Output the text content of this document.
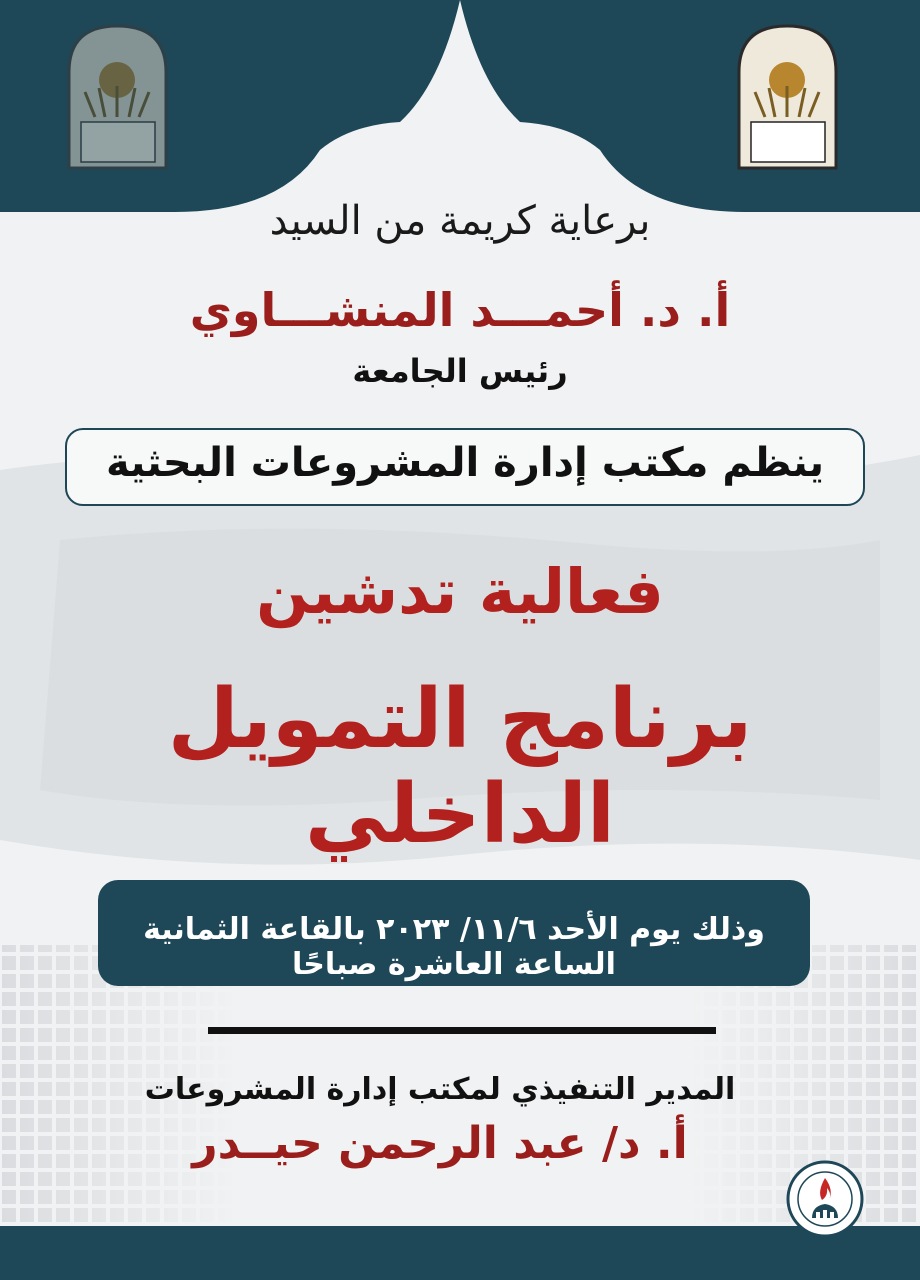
برعاية كريمة من السيد
أ. د. أحمـــد المنشـــاوي
رئيس الجامعة
ينظم مكتب إدارة المشروعات البحثية
فعالية تدشين
برنامج التمويل الداخلي
وذلك يوم الأحد ١١/٦/ ٢٠٢٣ بالقاعة الثمانية الساعة العاشرة صباحًا
المدير التنفيذي لمكتب إدارة المشروعات
أ. د/ عبد الرحمن حيــدر
